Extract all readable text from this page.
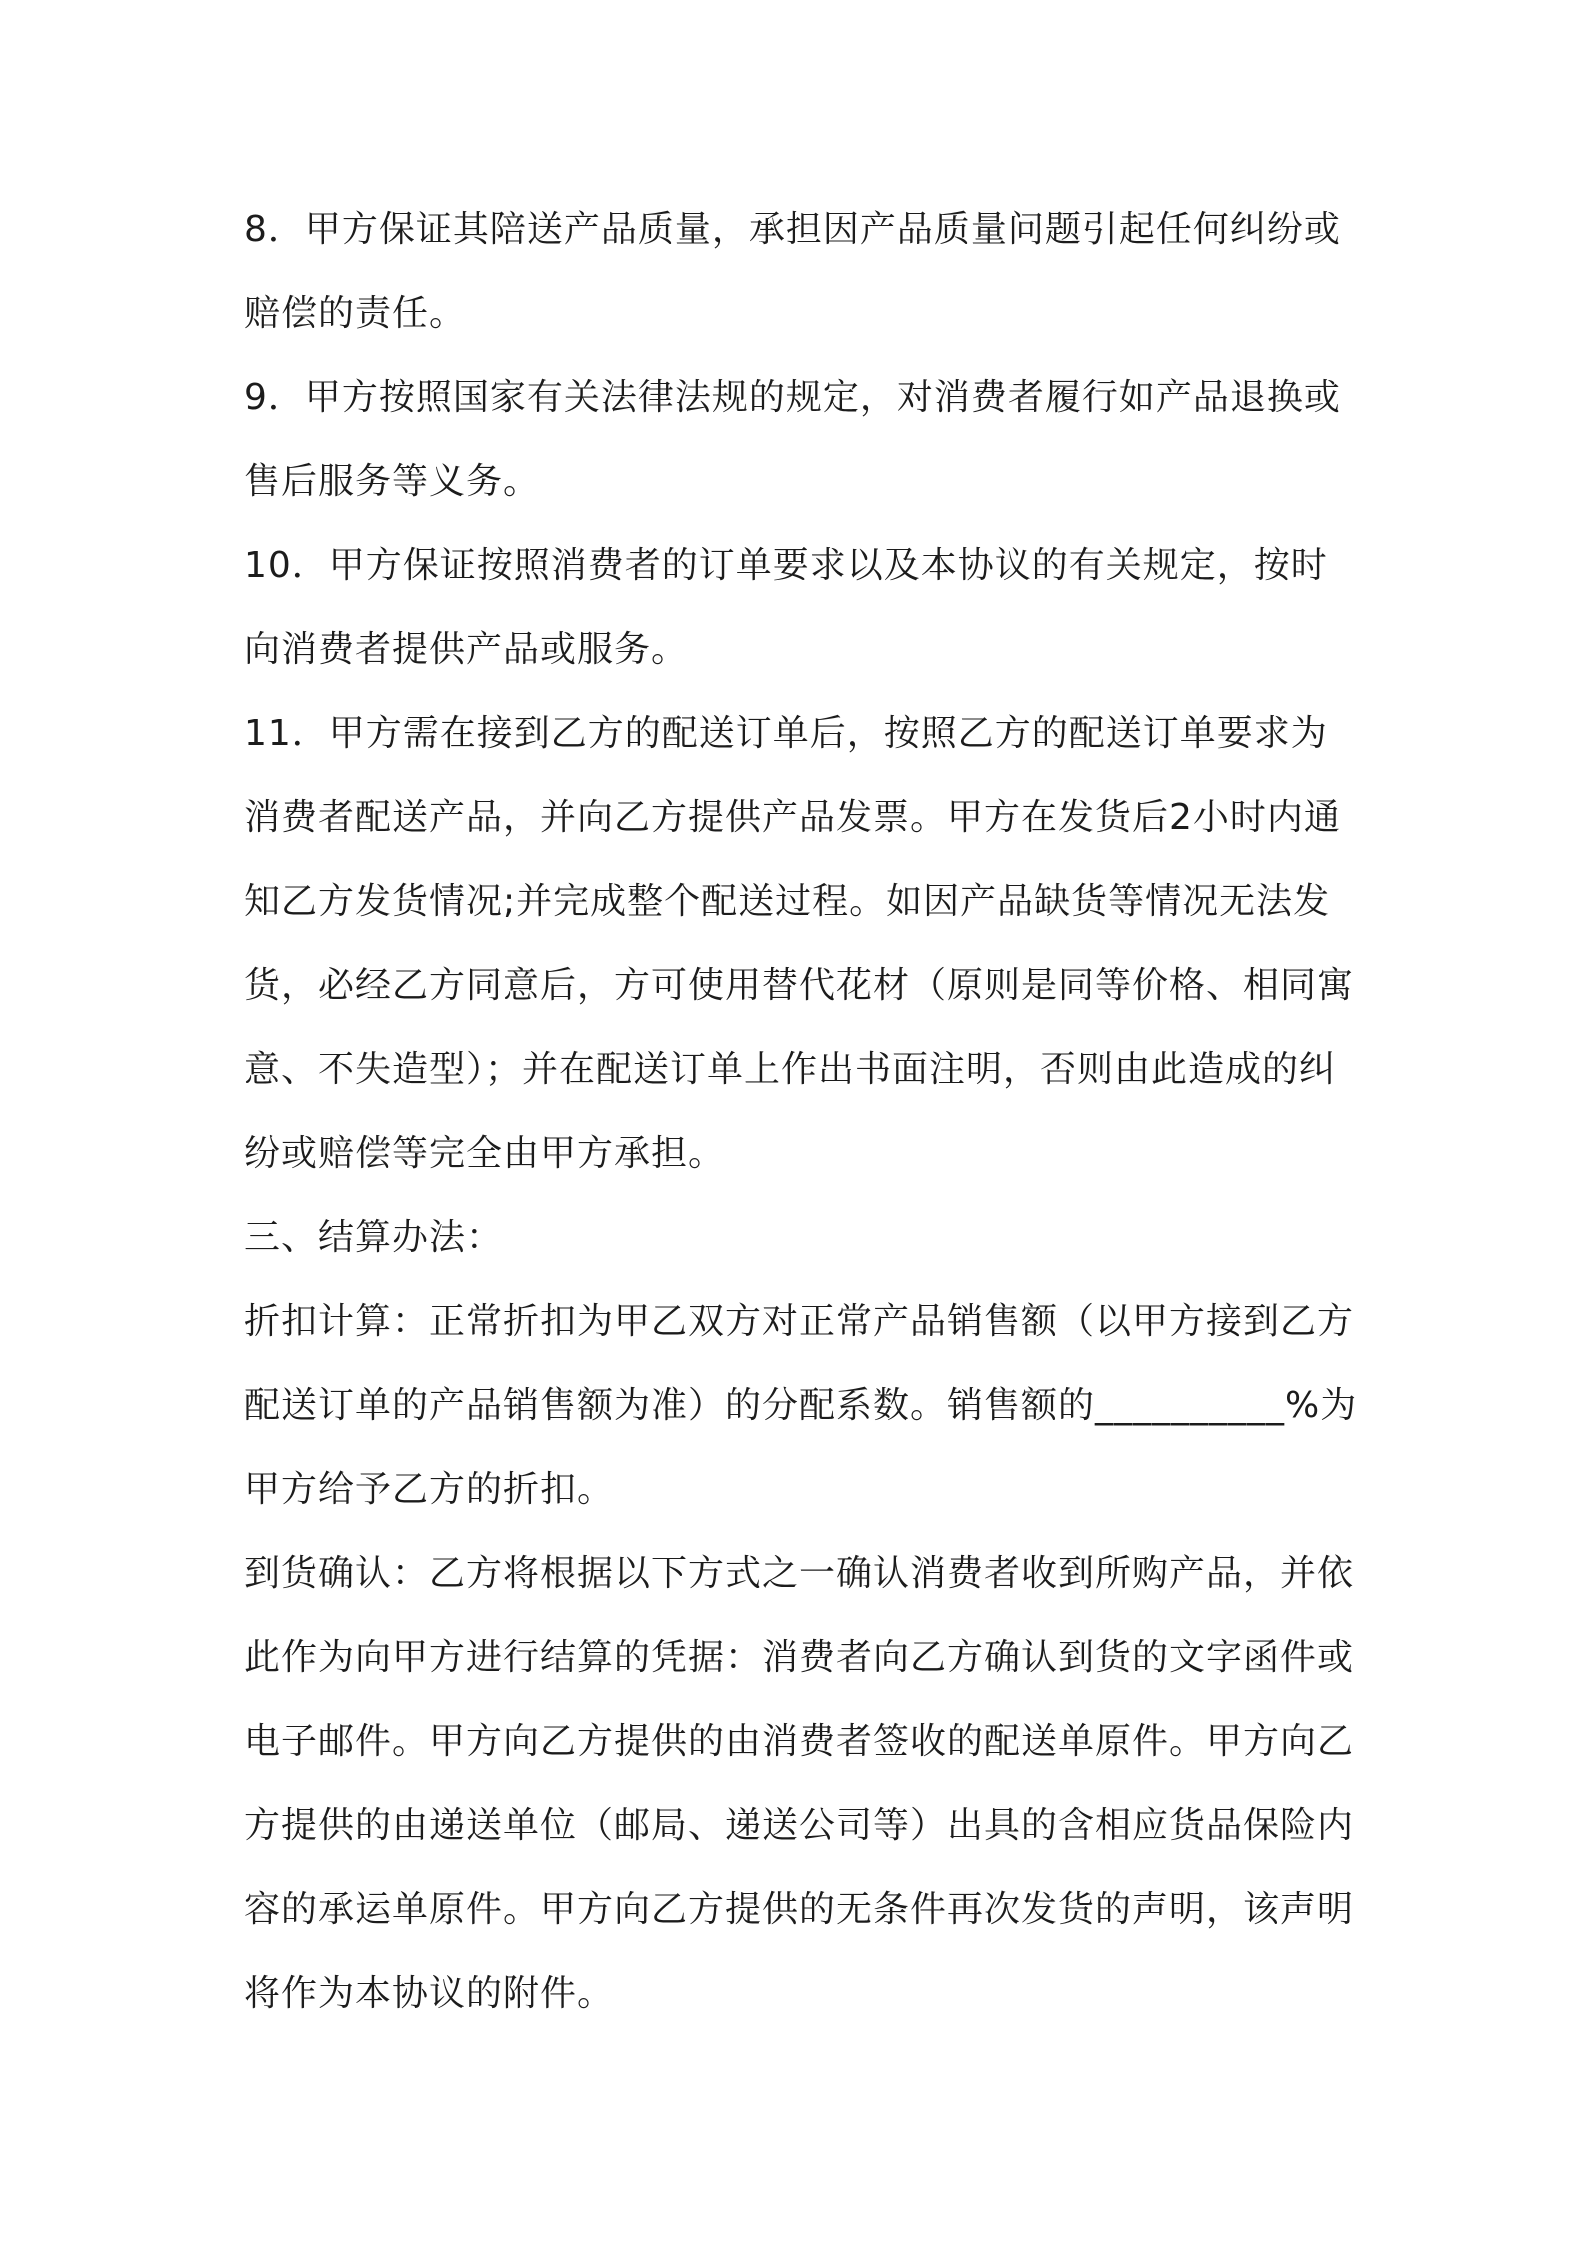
8．甲方保证其陪送产品质量，承担因产品质量问题引起任何纠纷或赔偿的责任。

9．甲方按照国家有关法律法规的规定，对消费者履行如产品退换或售后服务等义务。

10．甲方保证按照消费者的订单要求以及本协议的有关规定，按时向消费者提供产品或服务。

11．甲方需在接到乙方的配送订单后，按照乙方的配送订单要求为消费者配送产品，并向乙方提供产品发票。甲方在发货后2小时内通知乙方发货情况;并完成整个配送过程。如因产品缺货等情况无法发货，必经乙方同意后，方可使用替代花材（原则是同等价格、相同寓意、不失造型）；并在配送订单上作出书面注明，否则由此造成的纠纷或赔偿等完全由甲方承担。

三、结算办法：

折扣计算：正常折扣为甲乙双方对正常产品销售额（以甲方接到乙方配送订单的产品销售额为准）的分配系数。销售额的__________%为甲方给予乙方的折扣。

到货确认：乙方将根据以下方式之一确认消费者收到所购产品，并依此作为向甲方进行结算的凭据：消费者向乙方确认到货的文字函件或电子邮件。甲方向乙方提供的由消费者签收的配送单原件。甲方向乙方提供的由递送单位（邮局、递送公司等）出具的含相应货品保险内容的承运单原件。甲方向乙方提供的无条件再次发货的声明，该声明将作为本协议的附件。
